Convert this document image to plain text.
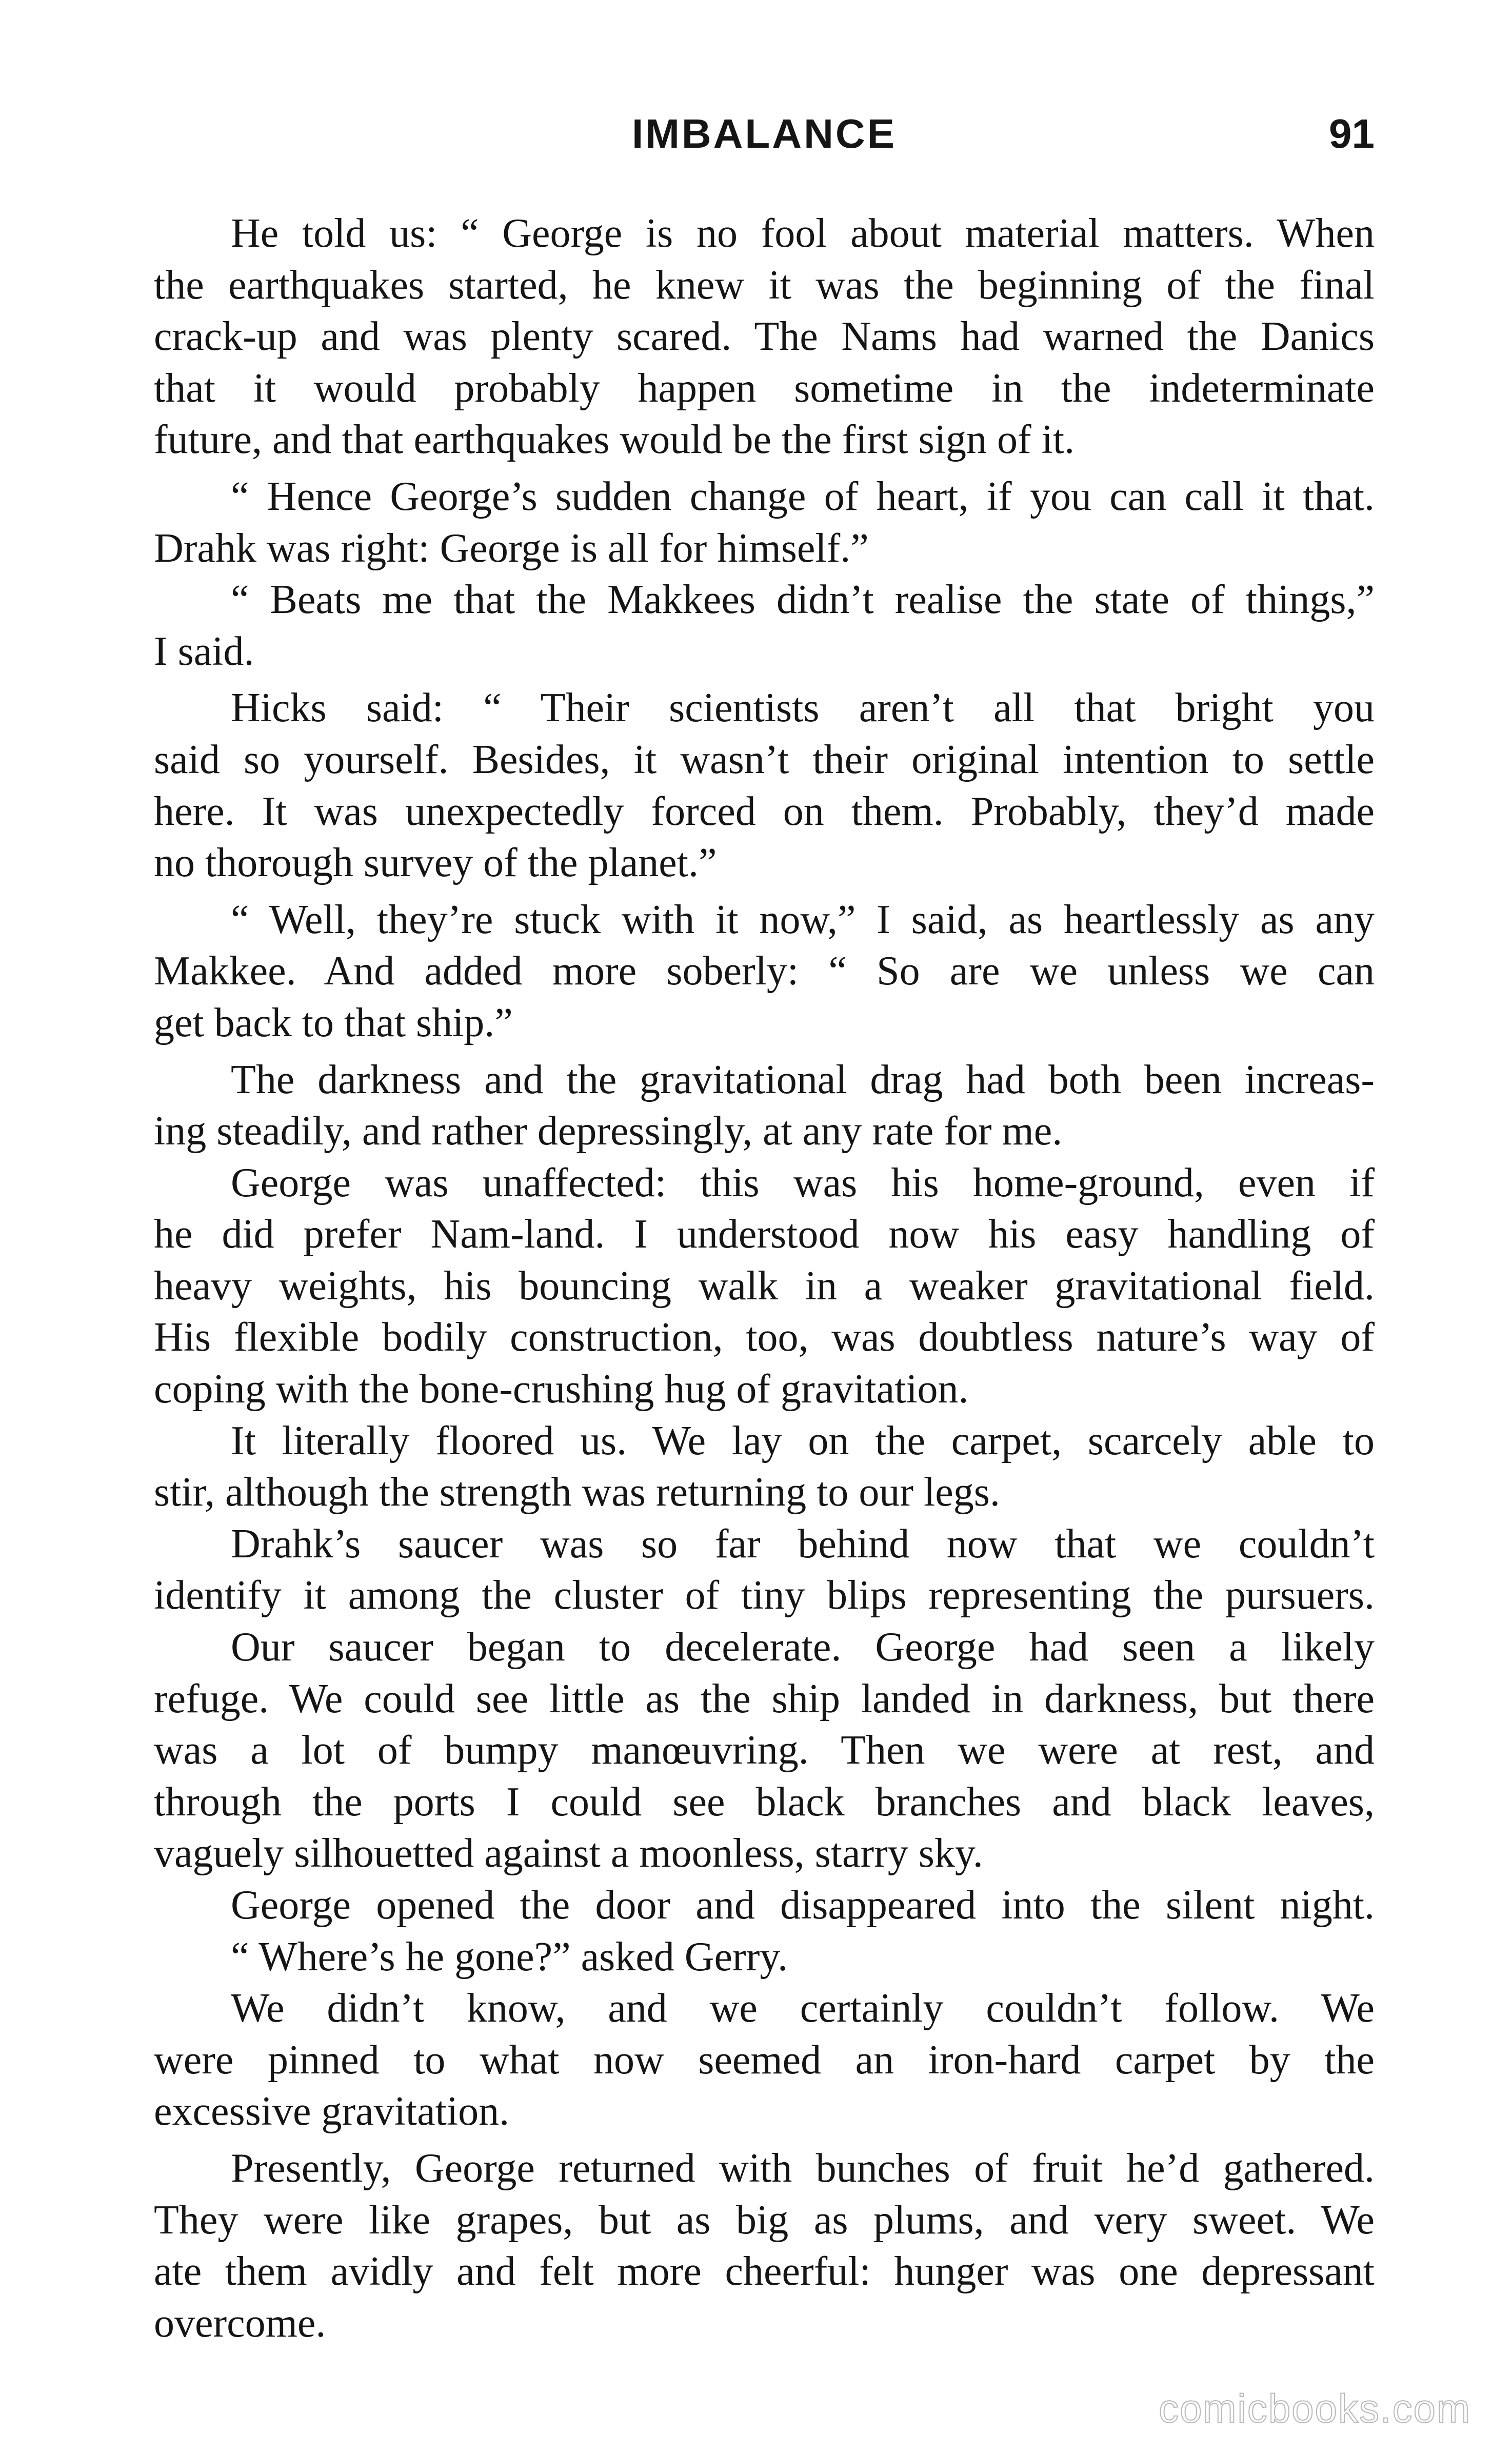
IMBALANCE	91
He told us: “ George is no fool about material matters. When
the earthquakes started, he knew it was the beginning of the final
crack-up and was plenty scared. The Nams had warned the Danics
that it would probably happen sometime in the indeterminate
future, and that earthquakes would be the first sign of it.
“ Hence George’s sudden change of heart, if you can call it that.
Drahk was right: George is all for himself.”
“ Beats me that the Makkees didn’t realise the state of things,”
I said.
Hicks said: “ Their scientists aren’t all that bright you
said so yourself. Besides, it wasn’t their original intention to settle
here. It was unexpectedly forced on them. Probably, they’d made
no thorough survey of the planet.”
“ Well, they’re stuck with it now,” I said, as heartlessly as any
Makkee. And added more soberly: “ So are we unless we can
get back to that ship.”
The darkness and the gravitational drag had both been increas-
ing steadily, and rather depressingly, at any rate for me.
George was unaffected: this was his home-ground, even if
he did prefer Nam-land. I understood now his easy handling of
heavy weights, his bouncing walk in a weaker gravitational field.
His flexible bodily construction, too, was doubtless nature’s way of
coping with the bone-crushing hug of gravitation.
It literally floored us. We lay on the carpet, scarcely able to
stir, although the strength was returning to our legs.
Drahk’s saucer was so far behind now that we couldn’t
identify it among the cluster of tiny blips representing the pursuers.
Our saucer began to decelerate. George had seen a likely
refuge. We could see little as the ship landed in darkness, but there
was a lot of bumpy manœuvring. Then we were at rest, and
through the ports I could see black branches and black leaves,
vaguely silhouetted against a moonless, starry sky.
George opened the door and disappeared into the silent night.
“ Where’s he gone?” asked Gerry.
We didn’t know, and we certainly couldn’t follow. We
were pinned to what now seemed an iron-hard carpet by the
excessive gravitation.
Presently, George returned with bunches of fruit he’d gathered.
They were like grapes, but as big as plums, and very sweet. We
ate them avidly and felt more cheerful: hunger was one depressant
overcome.
comicbooks.com
